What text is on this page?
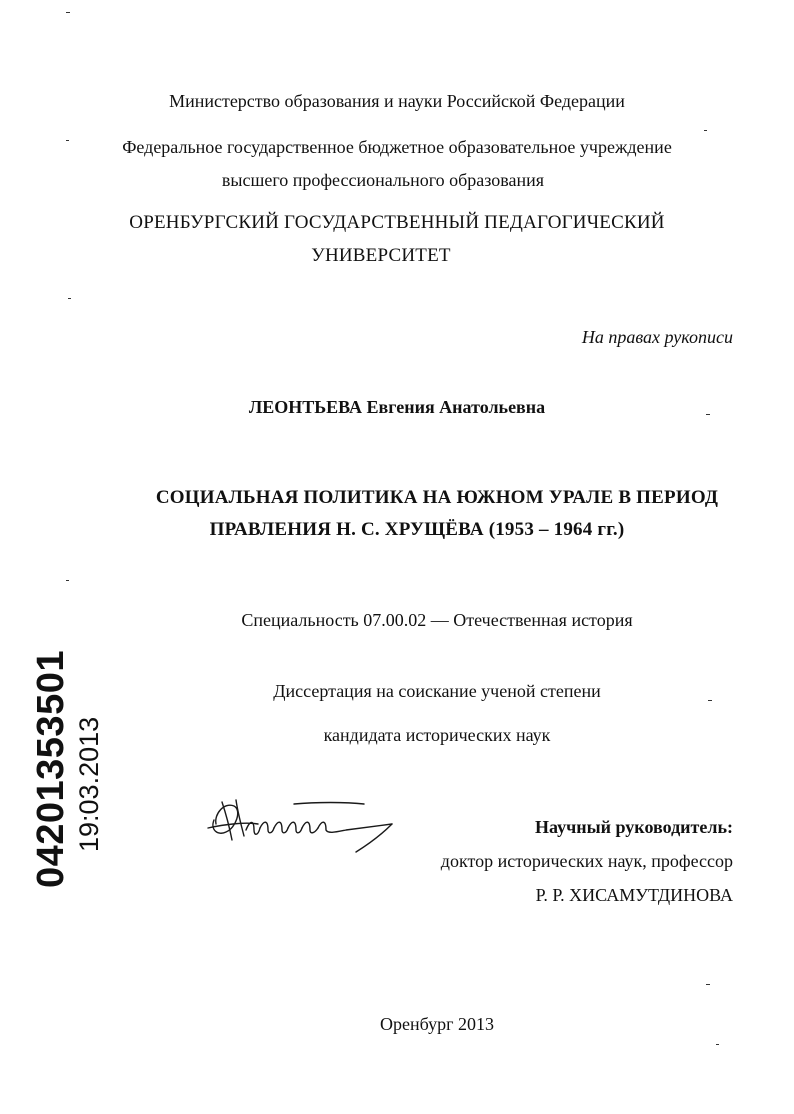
Министерство образования и науки Российской Федерации
Федеральное государственное бюджетное образовательное учреждение
высшего профессионального образования
ОРЕНБУРГСКИЙ ГОСУДАРСТВЕННЫЙ ПЕДАГОГИЧЕСКИЙ
УНИВЕРСИТЕТ
На правах рукописи
ЛЕОНТЬЕВА Евгения Анатольевна
СОЦИАЛЬНАЯ ПОЛИТИКА НА ЮЖНОМ УРАЛЕ В ПЕРИОД
ПРАВЛЕНИЯ Н. С. ХРУЩЁВА (1953 – 1964 гг.)
Специальность 07.00.02 — Отечественная история
Диссертация на соискание ученой степени
кандидата исторических наук
Научный руководитель:
доктор исторических наук, профессор
Р. Р. ХИСАМУТДИНОВА
Оренбург 2013
04201353501 19:03.2013
